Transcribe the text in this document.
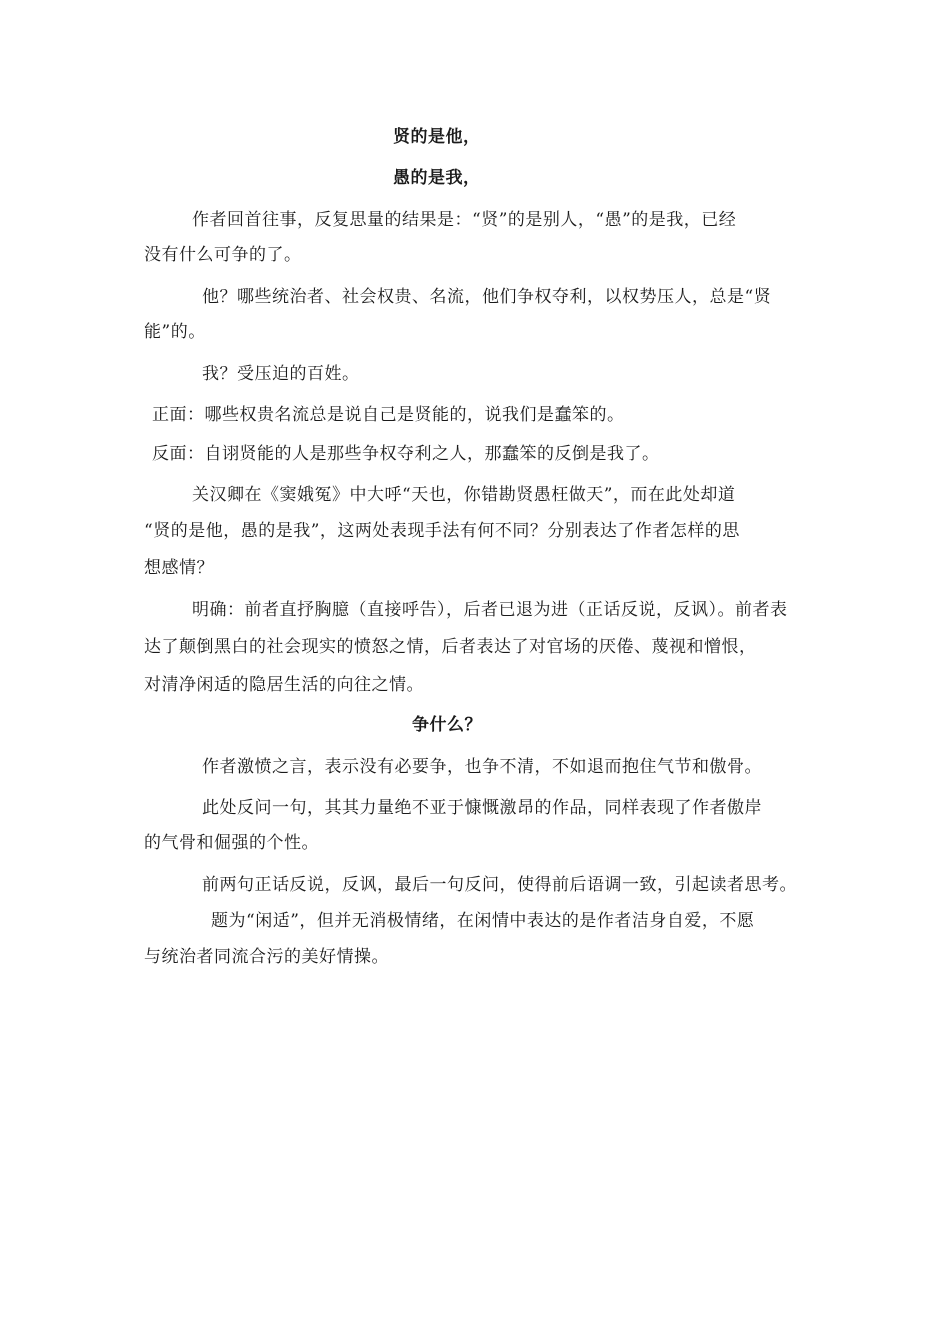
贤的是他，
愚的是我，
作者回首往事，反复思量的结果是：“贤”的是别人，“愚”的是我，已经
没有什么可争的了。
他？哪些统治者、社会权贵、名流，他们争权夺利，以权势压人，总是“贤
能”的。
我？受压迫的百姓。
正面：哪些权贵名流总是说自己是贤能的，说我们是蠢笨的。
反面：自诩贤能的人是那些争权夺利之人，那蠢笨的反倒是我了。
关汉卿在《窦娥冤》中大呼“天也，你错勘贤愚枉做天”，而在此处却道
“贤的是他，愚的是我”，这两处表现手法有何不同？分别表达了作者怎样的思
想感情？
明确：前者直抒胸臆（直接呼告），后者已退为进（正话反说，反讽）。前者表
达了颠倒黑白的社会现实的愤怒之情，后者表达了对官场的厌倦、蔑视和憎恨，
对清净闲适的隐居生活的向往之情。
争什么？
作者激愤之言，表示没有必要争，也争不清，不如退而抱住气节和傲骨。
此处反问一句，其其力量绝不亚于慷慨激昂的作品，同样表现了作者傲岸
的气骨和倔强的个性。
前两句正话反说，反讽，最后一句反问，使得前后语调一致，引起读者思考。
题为“闲适”，但并无消极情绪，在闲情中表达的是作者洁身自爱，不愿
与统治者同流合污的美好情操。
